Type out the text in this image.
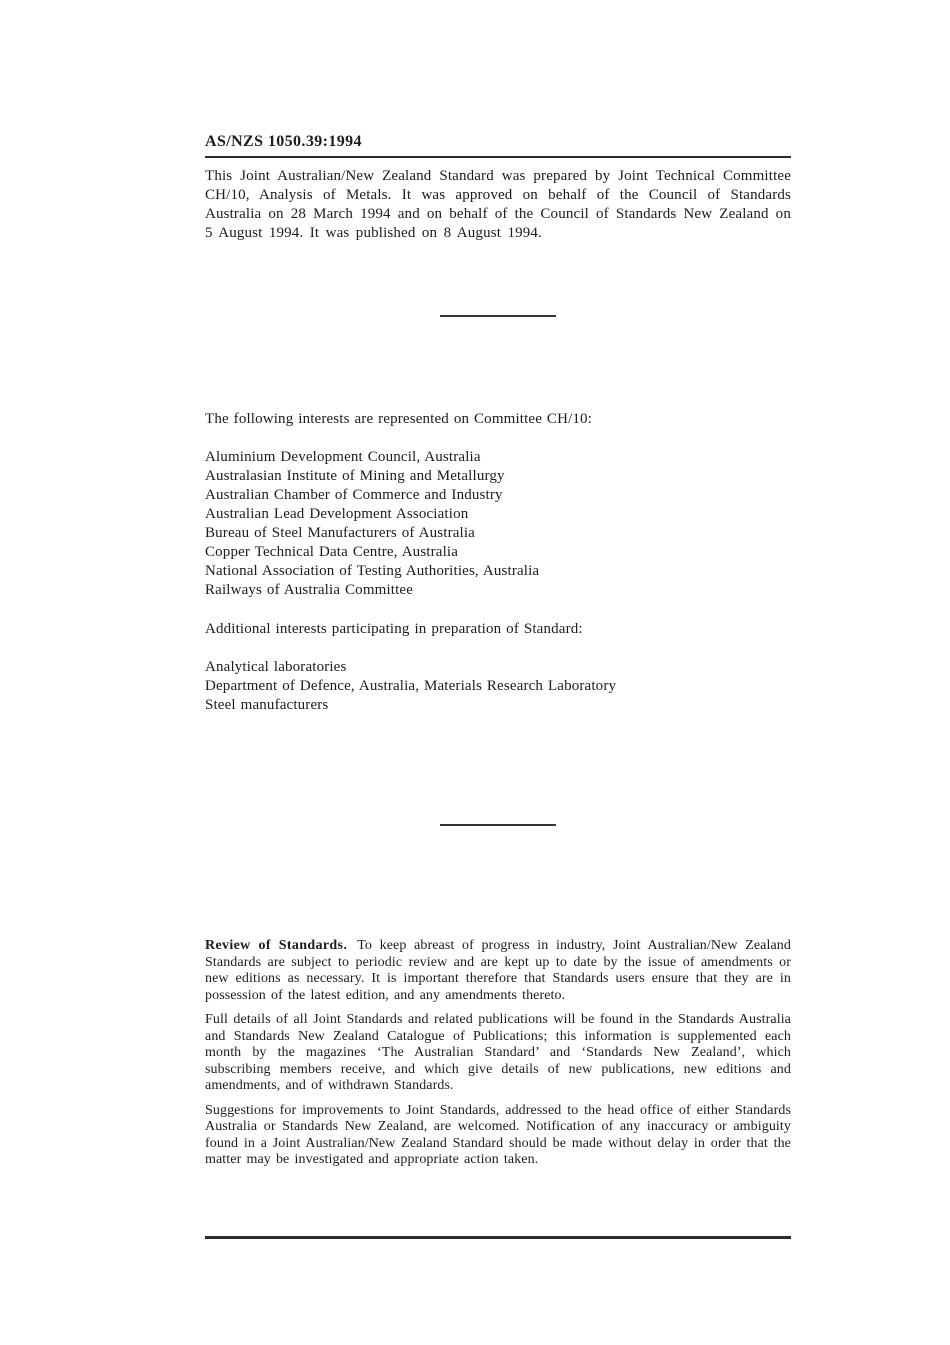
AS/NZS 1050.39:1994

This Joint Australian/New Zealand Standard was prepared by Joint Technical Committee CH/10, Analysis of Metals. It was approved on behalf of the Council of Standards Australia on 28 March 1994 and on behalf of the Council of Standards New Zealand on 5 August 1994. It was published on 8 August 1994.

The following interests are represented on Committee CH/10:

Aluminium Development Council, Australia
Australasian Institute of Mining and Metallurgy
Australian Chamber of Commerce and Industry
Australian Lead Development Association
Bureau of Steel Manufacturers of Australia
Copper Technical Data Centre, Australia
National Association of Testing Authorities, Australia
Railways of Australia Committee

Additional interests participating in preparation of Standard:

Analytical laboratories
Department of Defence, Australia, Materials Research Laboratory
Steel manufacturers

Review of Standards. To keep abreast of progress in industry, Joint Australian/New Zealand Standards are subject to periodic review and are kept up to date by the issue of amendments or new editions as necessary. It is important therefore that Standards users ensure that they are in possession of the latest edition, and any amendments thereto.

Full details of all Joint Standards and related publications will be found in the Standards Australia and Standards New Zealand Catalogue of Publications; this information is supplemented each month by the magazines ‘The Australian Standard’ and ‘Standards New Zealand’, which subscribing members receive, and which give details of new publications, new editions and amendments, and of withdrawn Standards.

Suggestions for improvements to Joint Standards, addressed to the head office of either Standards Australia or Standards New Zealand, are welcomed. Notification of any inaccuracy or ambiguity found in a Joint Australian/New Zealand Standard should be made without delay in order that the matter may be investigated and appropriate action taken.
